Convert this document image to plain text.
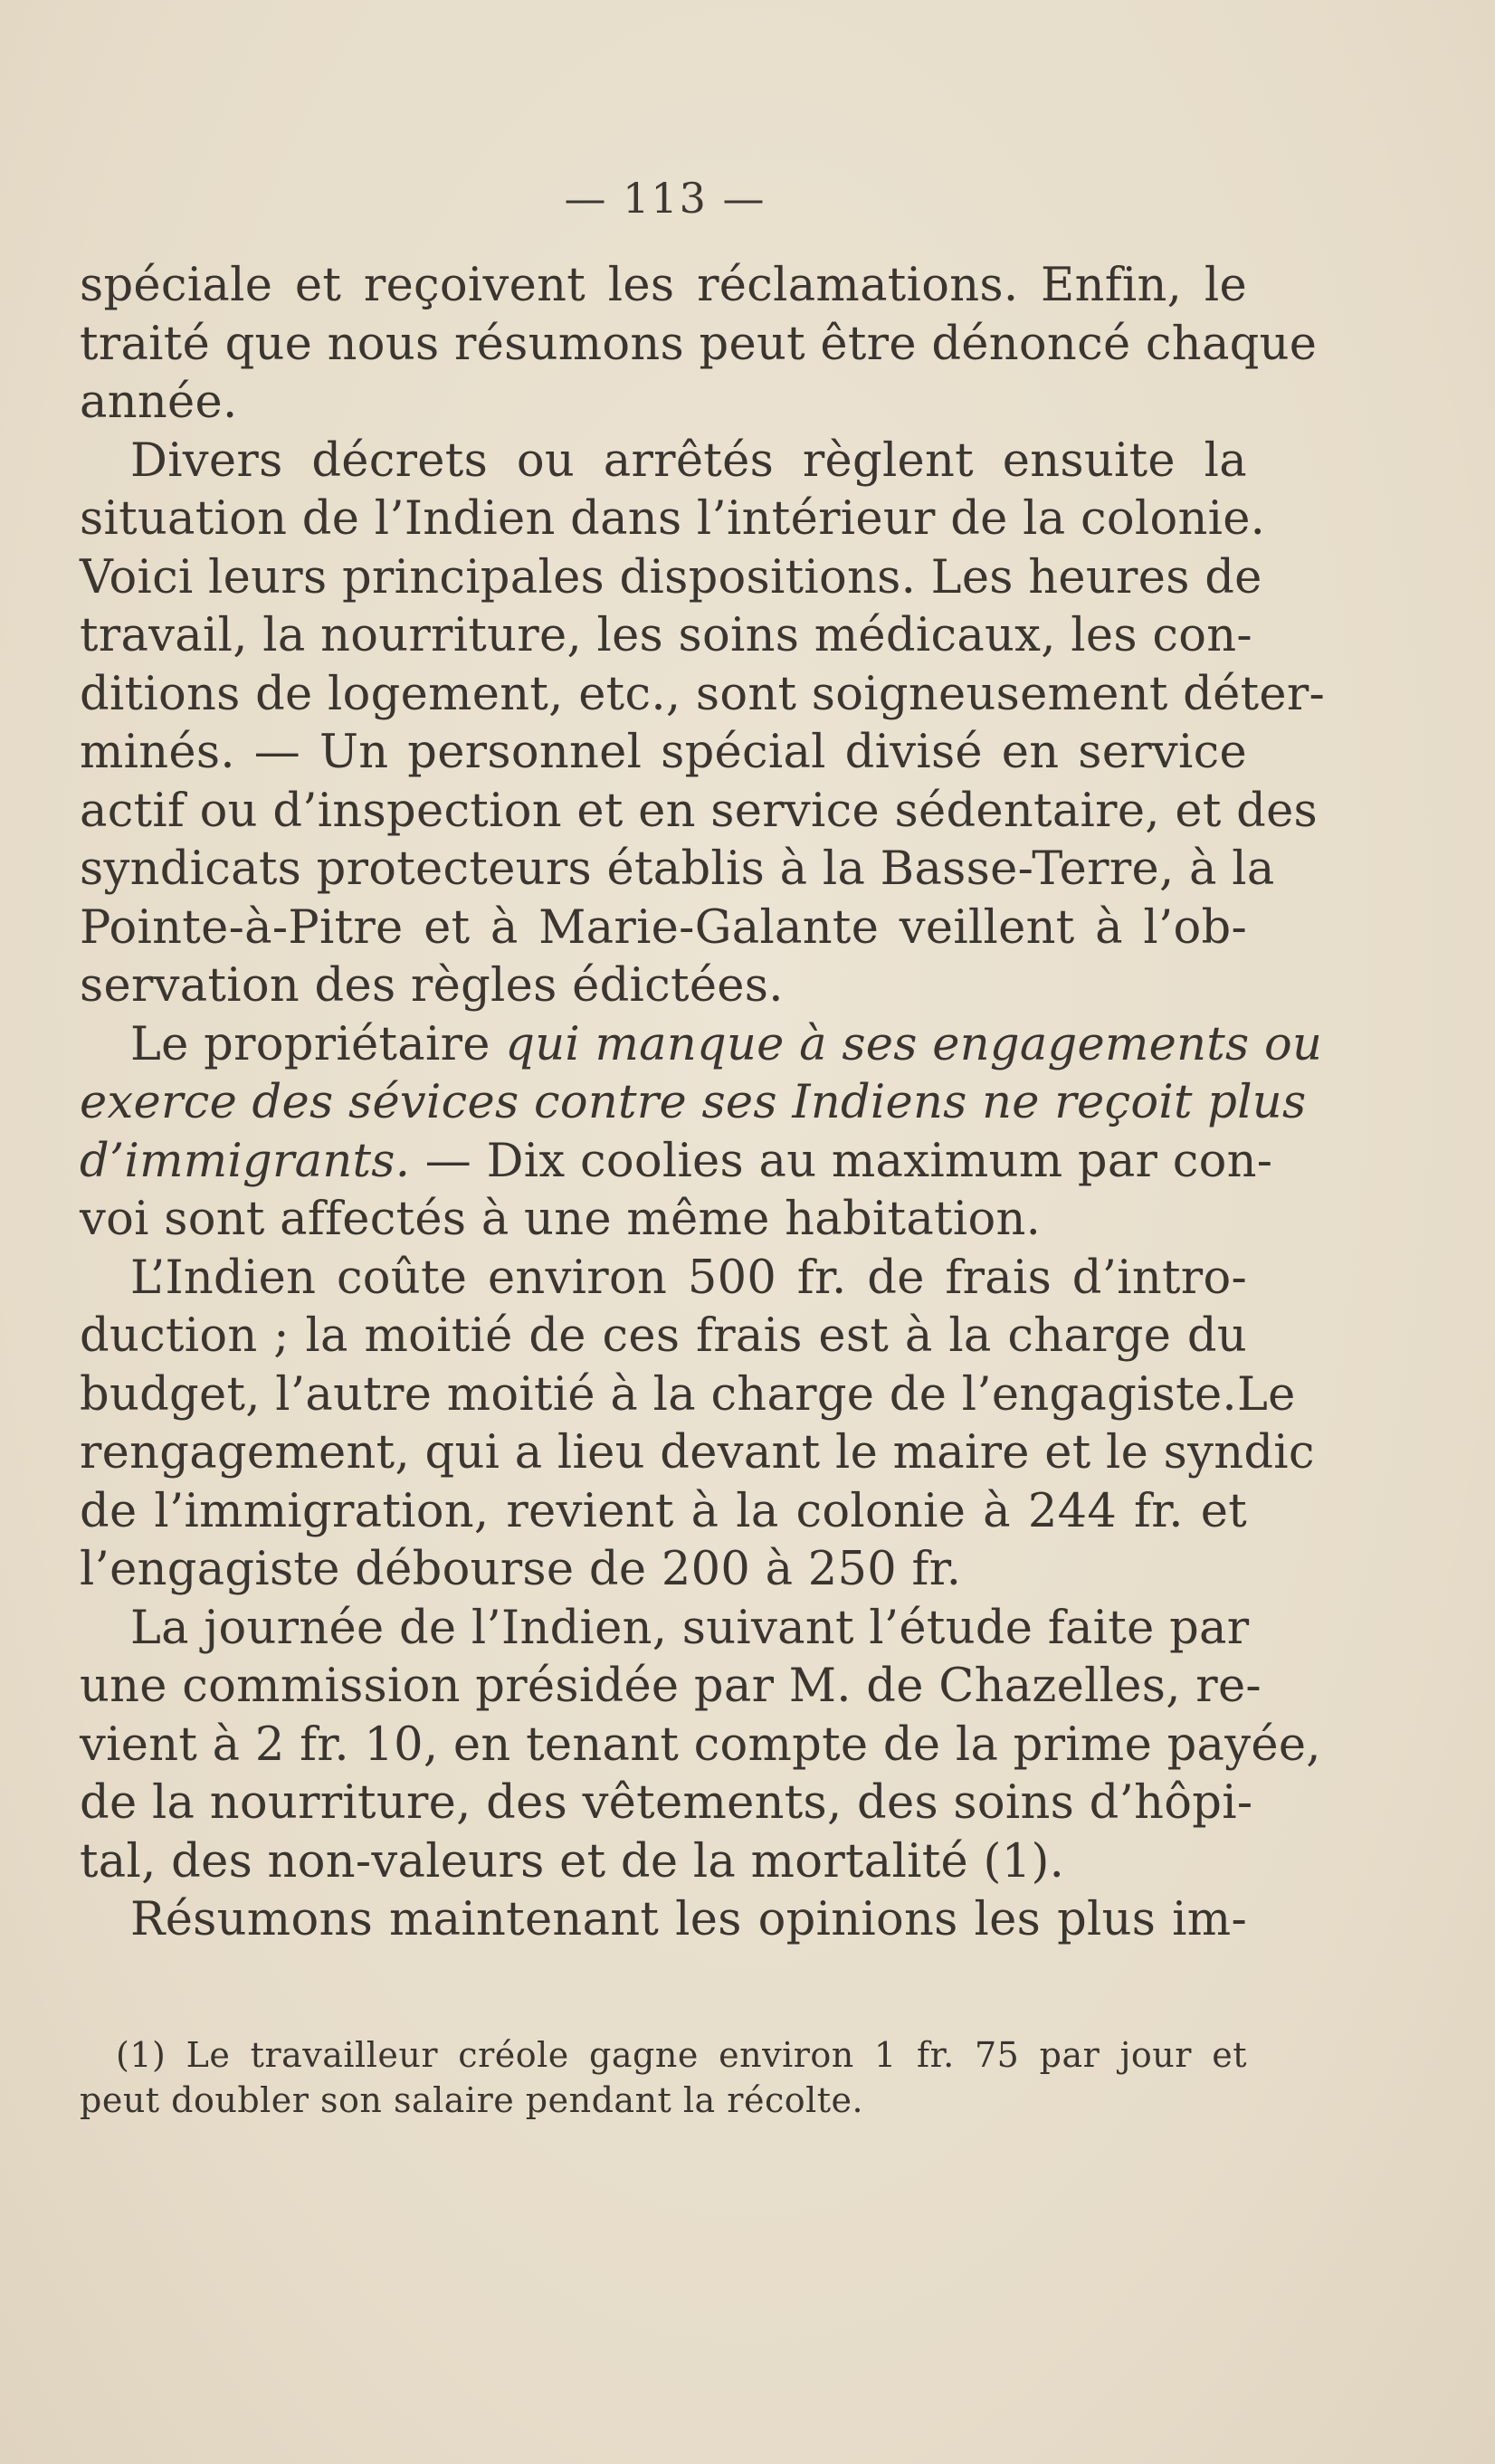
— 113 —
spéciale et reçoivent les réclamations. Enfin, le
traité que nous résumons peut être dénoncé chaque
année.
Divers décrets ou arrêtés règlent ensuite la
situation de l’Indien dans l’intérieur de la colonie.
Voici leurs principales dispositions. Les heures de
travail, la nourriture, les soins médicaux, les con-
ditions de logement, etc., sont soigneusement déter-
minés. — Un personnel spécial divisé en service
actif ou d’inspection et en service sédentaire, et des
syndicats protecteurs établis à la Basse-Terre, à la
Pointe-à-Pitre et à Marie-Galante veillent à l’ob-
servation des règles édictées.
Le propriétaire qui manque à ses engagements ou
exerce des sévices contre ses Indiens ne reçoit plus
d’immigrants. — Dix coolies au maximum par con-
voi sont affectés à une même habitation.
L’Indien coûte environ 500 fr. de frais d’intro-
duction ; la moitié de ces frais est à la charge du
budget, l’autre moitié à la charge de l’engagiste.Le
rengagement, qui a lieu devant le maire et le syndic
de l’immigration, revient à la colonie à 244 fr. et
l’engagiste débourse de 200 à 250 fr.
La journée de l’Indien, suivant l’étude faite par
une commission présidée par M. de Chazelles, re-
vient à 2 fr. 10, en tenant compte de la prime payée,
de la nourriture, des vêtements, des soins d’hôpi-
tal, des non-valeurs et de la mortalité (1).
Résumons maintenant les opinions les plus im-
(1) Le travailleur créole gagne environ 1 fr. 75 par jour et
peut doubler son salaire pendant la récolte.
